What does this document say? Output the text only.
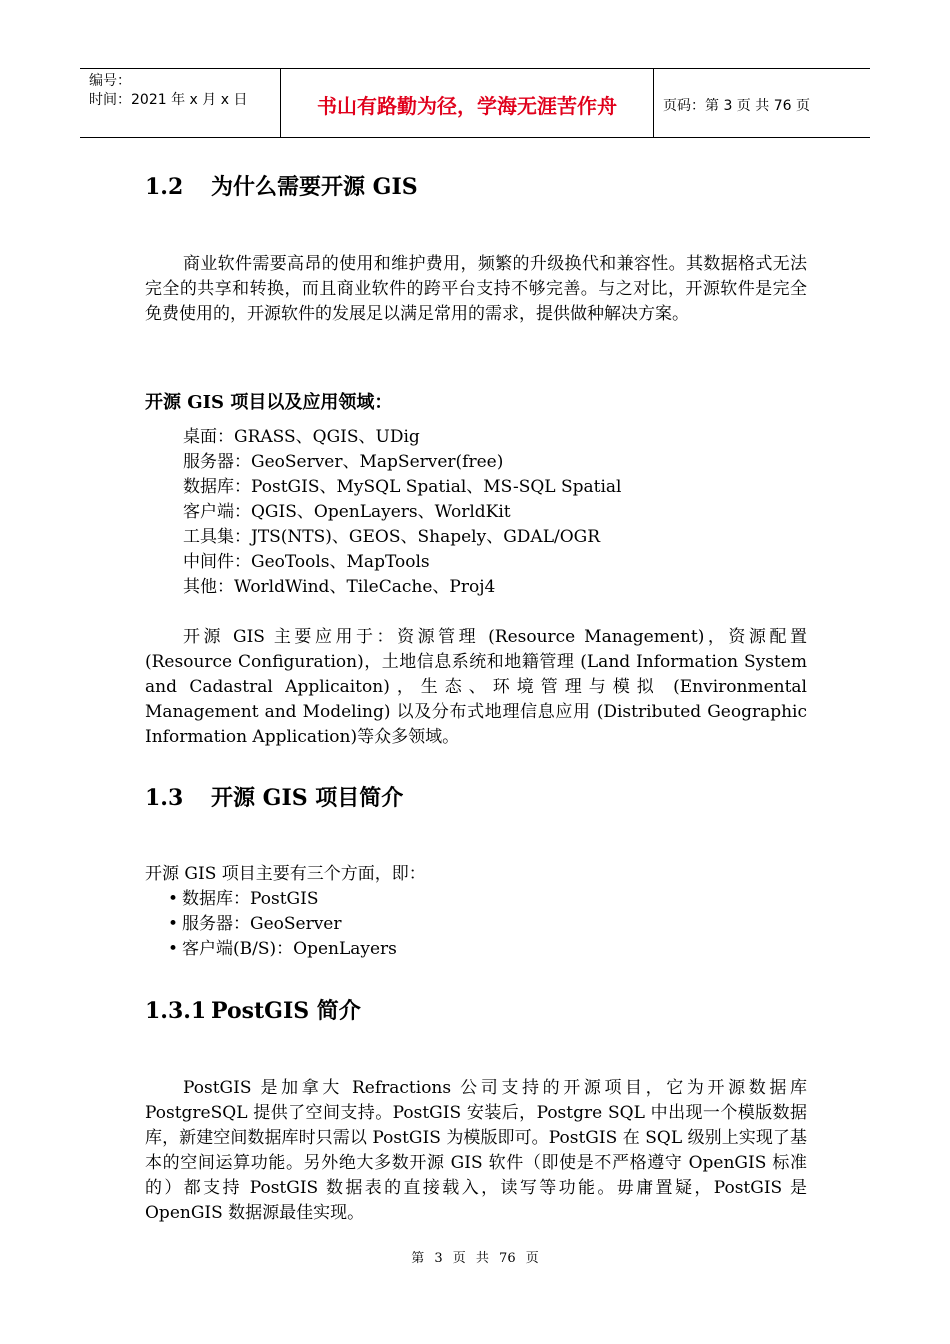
编号：
时间：2021 年 x 月 x 日	书山有路勤为径，学海无涯苦作舟	页码：第 3 页 共 76 页
1.2 为什么需要开源 GIS

商业软件需要高昂的使用和维护费用，频繁的升级换代和兼容性。其数据格式无法完全的共享和转换，而且商业软件的跨平台支持不够完善。与之对比，开源软件是完全免费使用的，开源软件的发展足以满足常用的需求，提供做种解决方案。

开源 GIS 项目以及应用领域：

桌面：GRASS、QGIS、UDig
服务器：GeoServer、MapServer(free)
数据库：PostGIS、MySQL Spatial、MS-SQL Spatial
客户端：QGIS、OpenLayers、WorldKit
工具集：JTS(NTS)、GEOS、Shapely、GDAL/OGR
中间件：GeoTools、MapTools
其他：WorldWind、TileCache、Proj4

开源 GIS 主要应用于：资源管理 (Resource Management)，资源配置(Resource Configuration)，土地信息系统和地籍管理 (Land Information System and Cadastral Applicaiton)，生态、环境管理与模拟 (Environmental Management and Modeling) 以及分布式地理信息应用 (Distributed Geographic Information Application)等众多领域。

1.3 开源 GIS 项目简介

开源 GIS 项目主要有三个方面，即：

• 数据库：PostGIS
• 服务器：GeoServer
• 客户端(B/S)：OpenLayers
1.3.1 PostGIS 简介

PostGIS 是加拿大 Refractions 公司支持的开源项目，它为开源数据库 PostgreSQL 提供了空间支持。PostGIS 安装后，Postgre SQL 中出现一个模版数据库，新建空间数据库时只需以 PostGIS 为模版即可。PostGIS 在 SQL 级别上实现了基本的空间运算功能。另外绝大多数开源 GIS 软件（即使是不严格遵守 OpenGIS 标准的）都支持 PostGIS 数据表的直接载入，读写等功能。毋庸置疑，PostGIS 是 OpenGIS 数据源最佳实现。

第 3 页 共 76 页
